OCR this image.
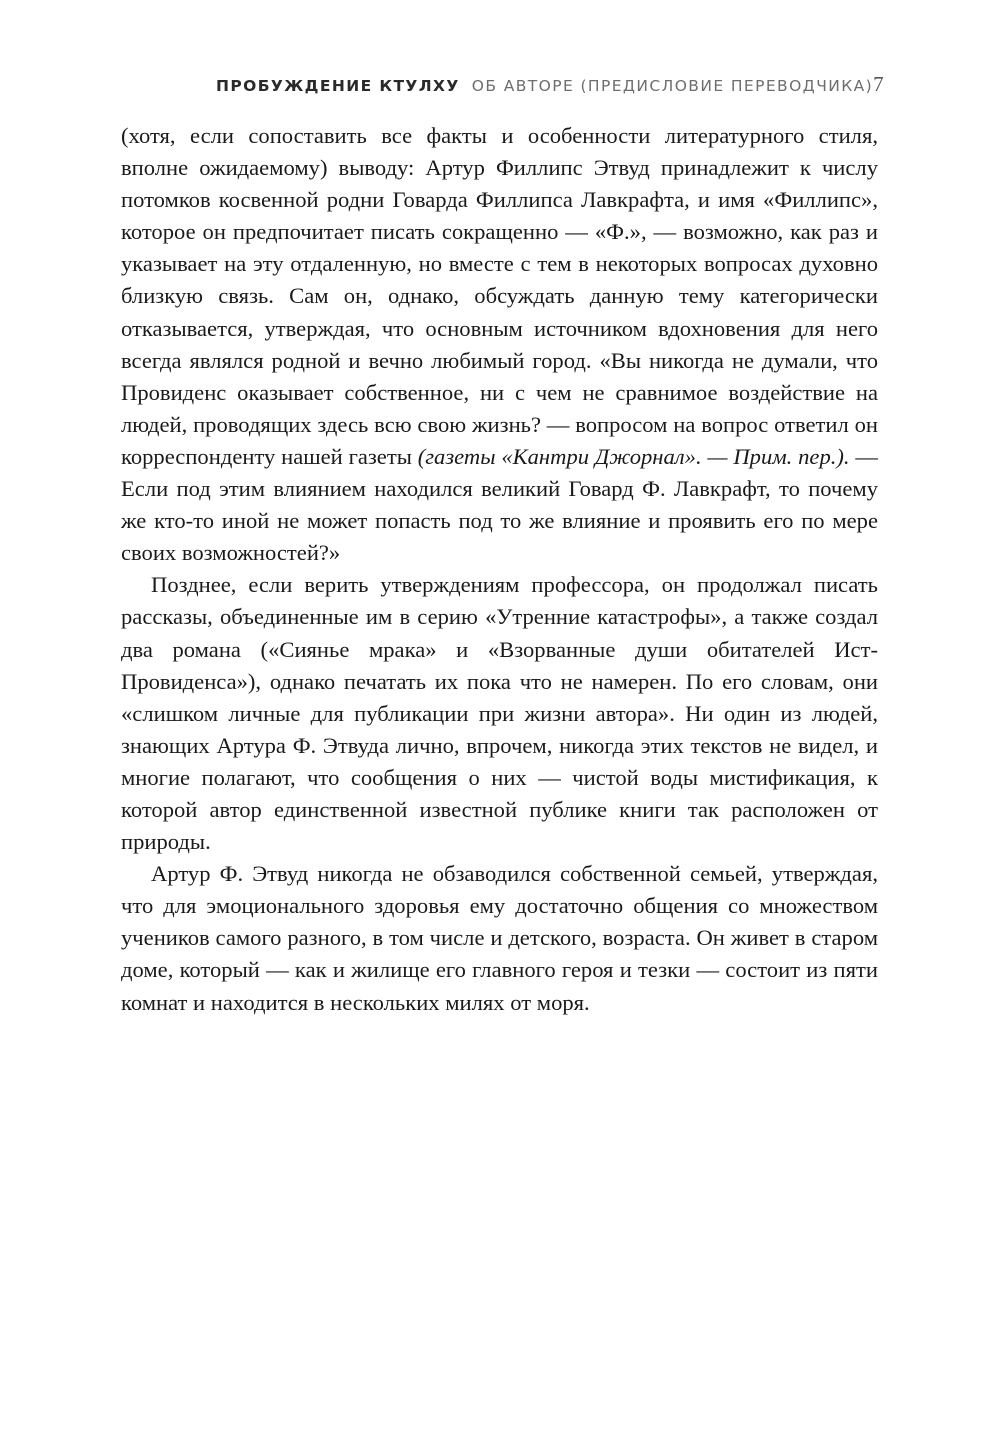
ПРОБУЖДЕНИЕ КТУЛХУ ОБ АВТОРЕ (ПРЕДИСЛОВИЕ ПЕРЕВОДЧИКА) 7

(хотя, если сопоставить все факты и особенности литературного стиля, вполне ожидаемому) выводу: Артур Филлипс Этвуд принадлежит к числу потомков косвенной родни Говарда Филлипса Лавкрафта, и имя «Филлипс», которое он предпочитает писать сокращенно — «Ф.», — возможно, как раз и указывает на эту отдаленную, но вместе с тем в некоторых вопросах духовно близкую связь. Сам он, однако, обсуждать данную тему категорически отказывается, утверждая, что основным источником вдохновения для него всегда являлся родной и вечно любимый город. «Вы никогда не думали, что Провиденс оказывает собственное, ни с чем не сравнимое воздействие на людей, проводящих здесь всю свою жизнь? — вопросом на вопрос ответил он корреспонденту нашей газеты (газеты «Кантри Джорнал». — Прим. пер.). — Если под этим влиянием находился великий Говард Ф. Лавкрафт, то почему же кто-то иной не может попасть под то же влияние и проявить его по мере своих возможностей?»

Позднее, если верить утверждениям профессора, он продолжал писать рассказы, объединенные им в серию «Утренние катастрофы», а также создал два романа («Сиянье мрака» и «Взорванные души обитателей Ист-Провиденса»), однако печатать их пока что не намерен. По его словам, они «слишком личные для публикации при жизни автора». Ни один из людей, знающих Артура Ф. Этвуда лично, впрочем, никогда этих текстов не видел, и многие полагают, что сообщения о них — чистой воды мистификация, к которой автор единственной известной публике книги так расположен от природы.

Артур Ф. Этвуд никогда не обзаводился собственной семьей, утверждая, что для эмоционального здоровья ему достаточно общения со множеством учеников самого разного, в том числе и детского, возраста. Он живет в старом доме, который — как и жилище его главного героя и тезки — состоит из пяти комнат и находится в нескольких милях от моря.
